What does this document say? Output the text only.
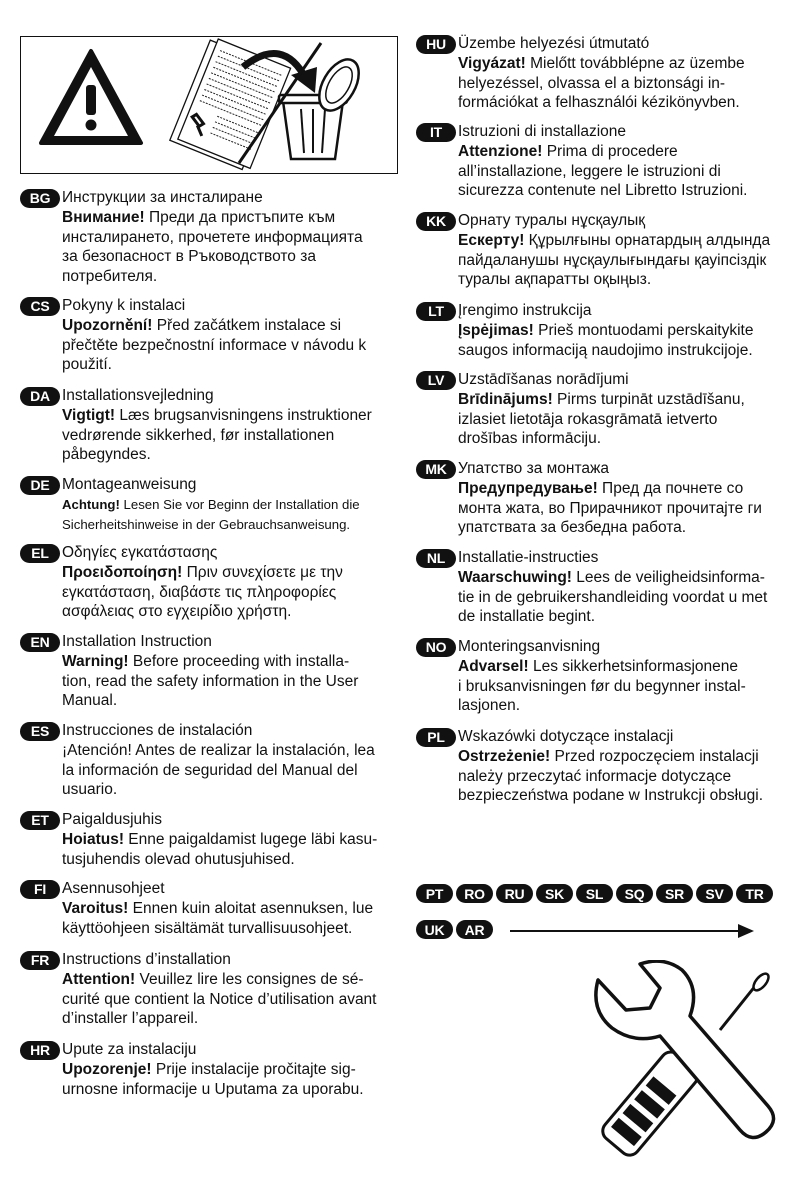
BG Инструкции за инсталиране
Внимание! Преди да пристъпите към
инсталирането, прочетете информацията
за безопасност в Ръководството за
потребителя.
CS Pokyny k instalaci
Upozornění! Před začátkem instalace si
přečtěte bezpečnostní informace v návodu k
použití.
DA Installationsvejledning
Vigtigt! Læs brugsanvisningens instruktioner
vedrørende sikkerhed, før installationen
påbegyndes.
DE Montageanweisung
Achtung! Lesen Sie vor Beginn der Installation die
Sicherheitshinweise in der Gebrauchsanweisung.
EL Οδηγίες εγκατάστασης
Προειδοποίηση! Πριν συνεχίσετε με την
εγκατάσταση, διαβάστε τις πληροφορίες
ασφάλειας στο εγχειρίδιο χρήστη.
EN Installation Instruction
Warning! Before proceeding with installa-
tion, read the safety information in the User
Manual.
ES Instrucciones de instalación
¡Atención! Antes de realizar la instalación, lea
la información de seguridad del Manual del
usuario.
ET Paigaldusjuhis
Hoiatus! Enne paigaldamist lugege läbi kasu-
tusjuhendis olevad ohutusjuhised.
FI	Asennusohjeet
Varoitus! Ennen kuin aloitat asennuksen, lue
käyttöohjeen sisältämät turvallisuusohjeet.
FR Instructions d’installation
Attention! Veuillez lire les consignes de sé-
curité que contient la Notice d’utilisation avant
d’installer l’appareil.
HR Upute za instalaciju
Upozorenje! Prije instalacije pročitajte sig-
urnosne informacije u Uputama za uporabu.
HU Üzembe helyezési útmutató
Vigyázat! Mielőtt továbblépne az üzembe
helyezéssel, olvassa el a biztonsági in-
formációkat a felhasználói kézikönyvben.
IT	Istruzioni di installazione
Attenzione! Prima di procedere
all’installazione, leggere le istruzioni di
sicurezza contenute nel Libretto Istruzioni.
KK Орнату туралы нұсқаулық
Ескерту! Құрылғыны орнатардың алдында
пайдаланушы нұсқаулығындағы қауіпсіздік
туралы ақпаратты оқыңыз.
LT Įrengimo instrukcija
Įspėjimas! Prieš montuodami perskaitykite
saugos informaciją naudojimo instrukcijoje.
LV Uzstādīšanas norādījumi
Brīdinājums! Pirms turpināt uzstādīšanu,
izlasiet lietotāja rokasgrāmatā ietverto
drošības informāciju.
MK Упатство за монтажа
Предупредување! Пред да почнете со
монта жата, во Прирачникот прочитајте ги
упатствата за безбедна работа.
NL Installatie-instructies
Waarschuwing! Lees de veiligheidsinforma-
tie in de gebruikershandleiding voordat u met
de installatie begint.
NO Monteringsanvisning
Advarsel! Les sikkerhetsinformasjonene
i bruksanvisningen før du begynner instal-
lasjonen.
PL Wskazówki dotyczące instalacji
Ostrzeżenie! Przed rozpoczęciem instalacji
należy przeczytać informacje dotyczące
bezpieczeństwa podane w Instrukcji obsługi.
PT	RO	RU	SK	SL	SQ	SR	SV	TR
UK	AR
